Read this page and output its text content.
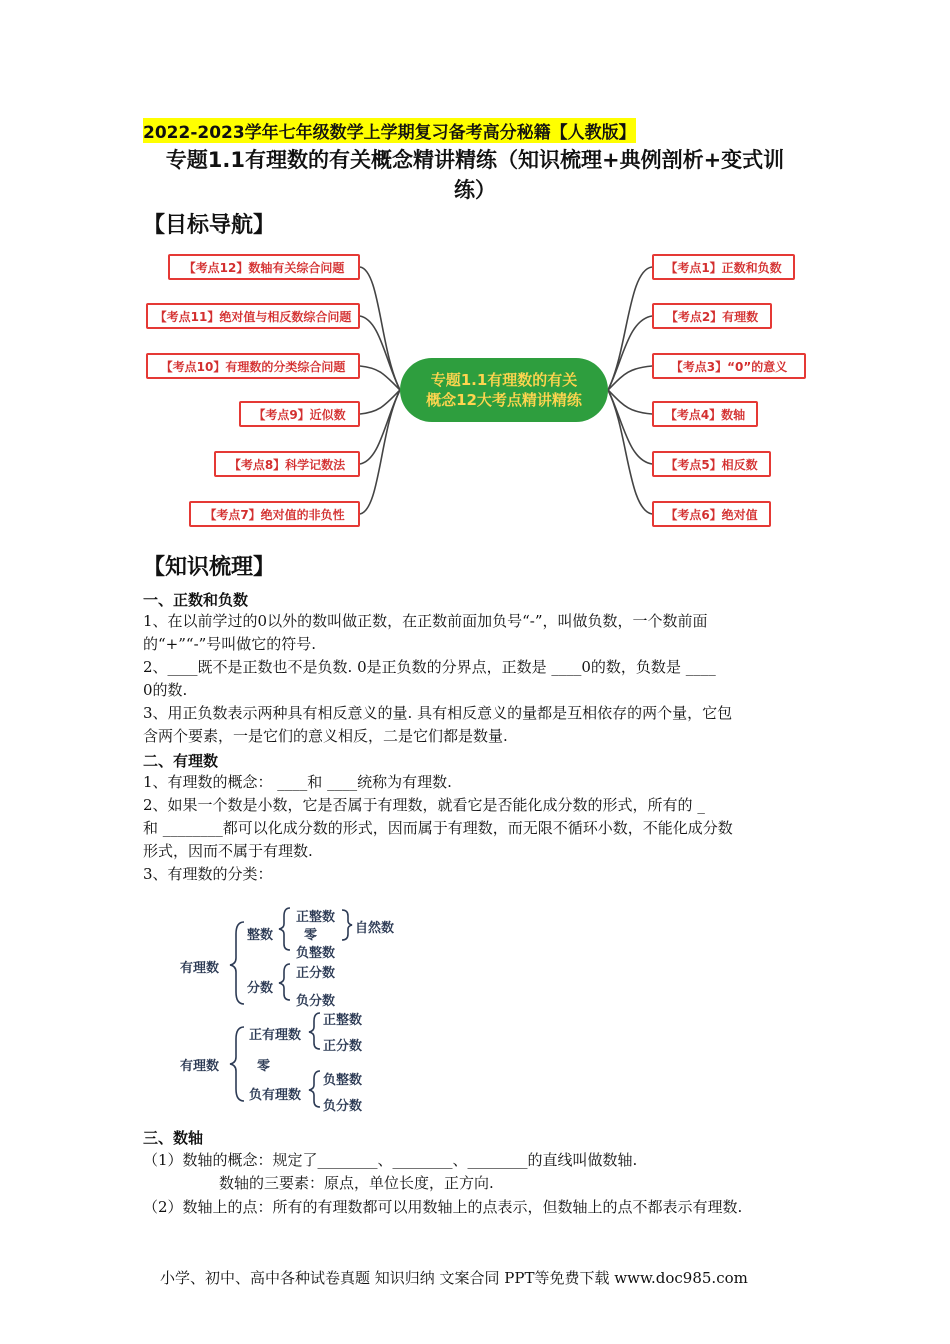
2022-2023学年七年级数学上学期复习备考高分秘籍【人教版】
专题1.1有理数的有关概念精讲精练（知识梳理+典例剖析+变式训
练）
【目标导航】
【考点12】数轴有关综合问题
【考点11】绝对值与相反数综合问题
【考点10】有理数的分类综合问题
【考点9】近似数
【考点8】科学记数法
【考点7】绝对值的非负性
【考点1】正数和负数
【考点2】有理数
【考点3】“0”的意义
【考点4】数轴
【考点5】相反数
【考点6】绝对值
专题1.1有理数的有关
概念12大考点精讲精练
【知识梳理】
一、正数和负数
1、在以前学过的0以外的数叫做正数，在正数前面加负号“-”，叫做负数，一个数前面
的“+”“-”号叫做它的符号.
2、____既不是正数也不是负数. 0是正负数的分界点，正数是 ____0的数，负数是 ____
0的数.
3、用正负数表示两种具有相反意义的量. 具有相反意义的量都是互相依存的两个量，它包
含两个要素，一是它们的意义相反，二是它们都是数量.
二、有理数
1、有理数的概念： ____和 ____统称为有理数.
2、如果一个数是小数，它是否属于有理数，就看它是否能化成分数的形式，所有的 _
和 ________都可以化成分数的形式，因而属于有理数，而无限不循环小数，不能化成分数
形式，因而不属于有理数.
3、有理数的分类：
有理数
整数
正整数
零
负整数
自然数
分数
正分数
负分数
有理数
正有理数
正整数
正分数
零
负有理数
负整数
负分数
三、数轴
（1）数轴的概念：规定了________、________、________的直线叫做数轴.
数轴的三要素：原点，单位长度，正方向.
（2）数轴上的点：所有的有理数都可以用数轴上的点表示，但数轴上的点不都表示有理数.
小学、初中、高中各种试卷真题 知识归纳 文案合同 PPT等免费下载 www.doc985.com
